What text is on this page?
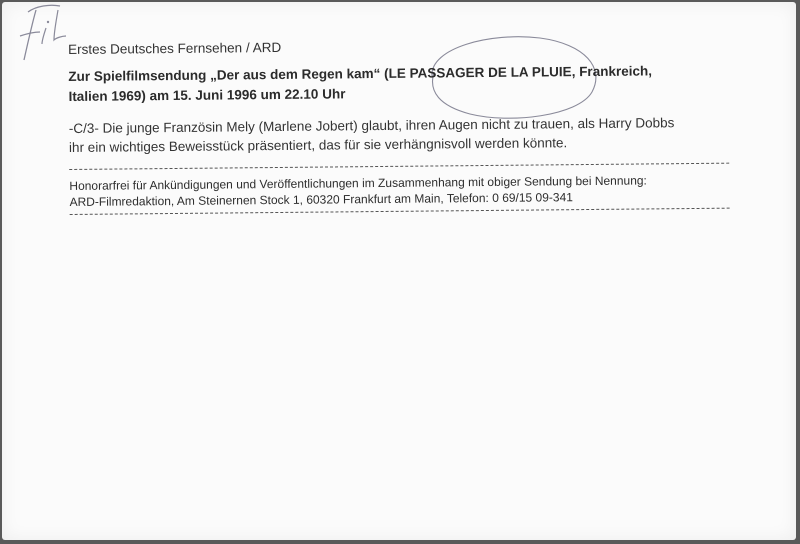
Erstes Deutsches Fernsehen / ARD

Zur Spielfilmsendung „Der aus dem Regen kam“ (LE PASSAGER DE LA PLUIE, Frankreich,
Italien 1969) am 15. Juni 1996 um 22.10 Uhr

-C/3- Die junge Französin Mely (Marlene Jobert) glaubt, ihren Augen nicht zu trauen, als Harry Dobbs
ihr ein wichtiges Beweisstück präsentiert, das für sie verhängnisvoll werden könnte.

Honorarfrei für Ankündigungen und Veröffentlichungen im Zusammenhang mit obiger Sendung bei Nennung:
ARD-Filmredaktion, Am Steinernen Stock 1, 60320 Frankfurt am Main, Telefon: 0 69/15 09-341
